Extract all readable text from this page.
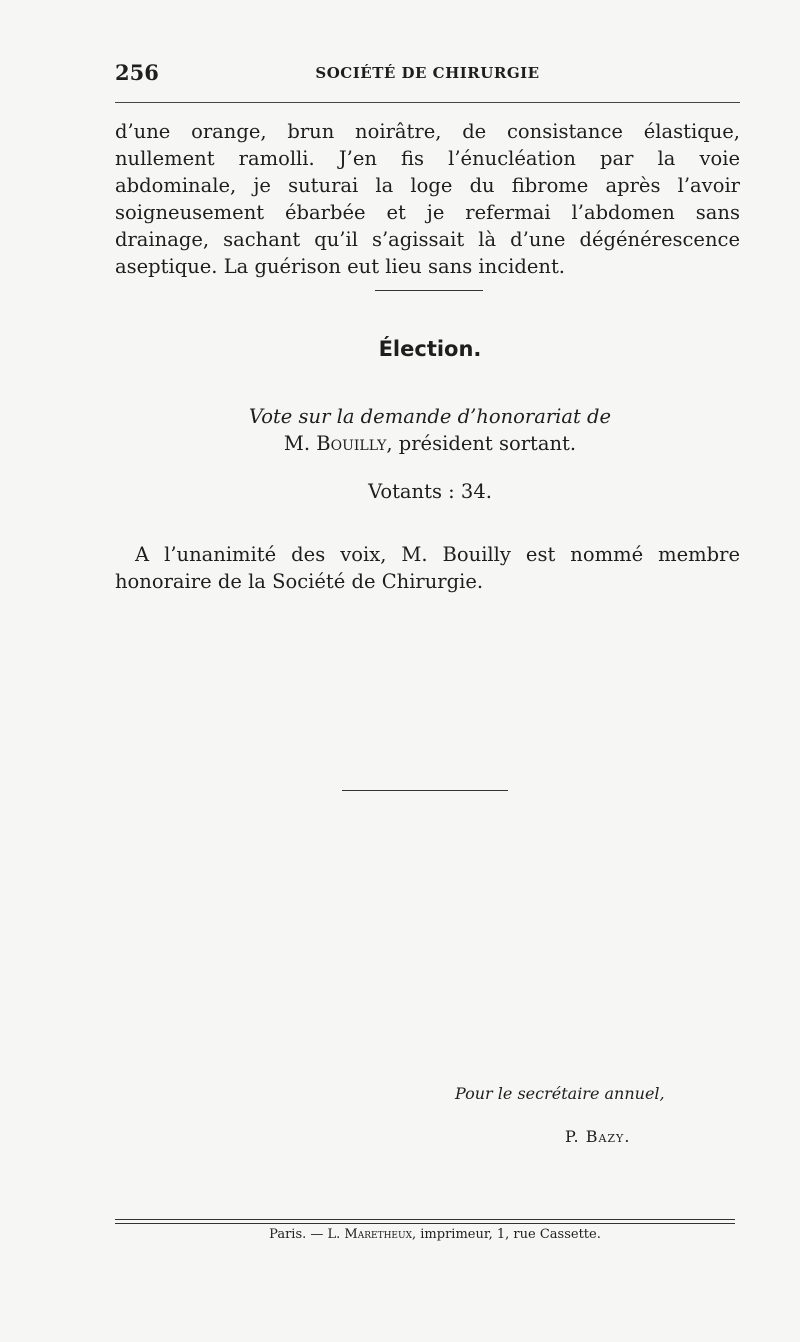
256	SOCIÉTÉ DE CHIRURGIE

d’une orange, brun noirâtre, de consistance élastique, nullement ramolli. J’en fis l’énucléation par la voie abdominale, je suturai la loge du fibrome après l’avoir soigneusement ébarbée et je refermai l’abdomen sans drainage, sachant qu’il s’agissait là d’une dégénérescence aseptique. La guérison eut lieu sans incident.

Élection.
Vote sur la demande d’honorariat de
M. Bouilly, président sortant.
Votants : 34.

A l’unanimité des voix, M. Bouilly est nommé membre honoraire de la Société de Chirurgie.

Pour le secrétaire annuel,
P. Bazy.
Paris. — L. Maretheux, imprimeur, 1, rue Cassette.
